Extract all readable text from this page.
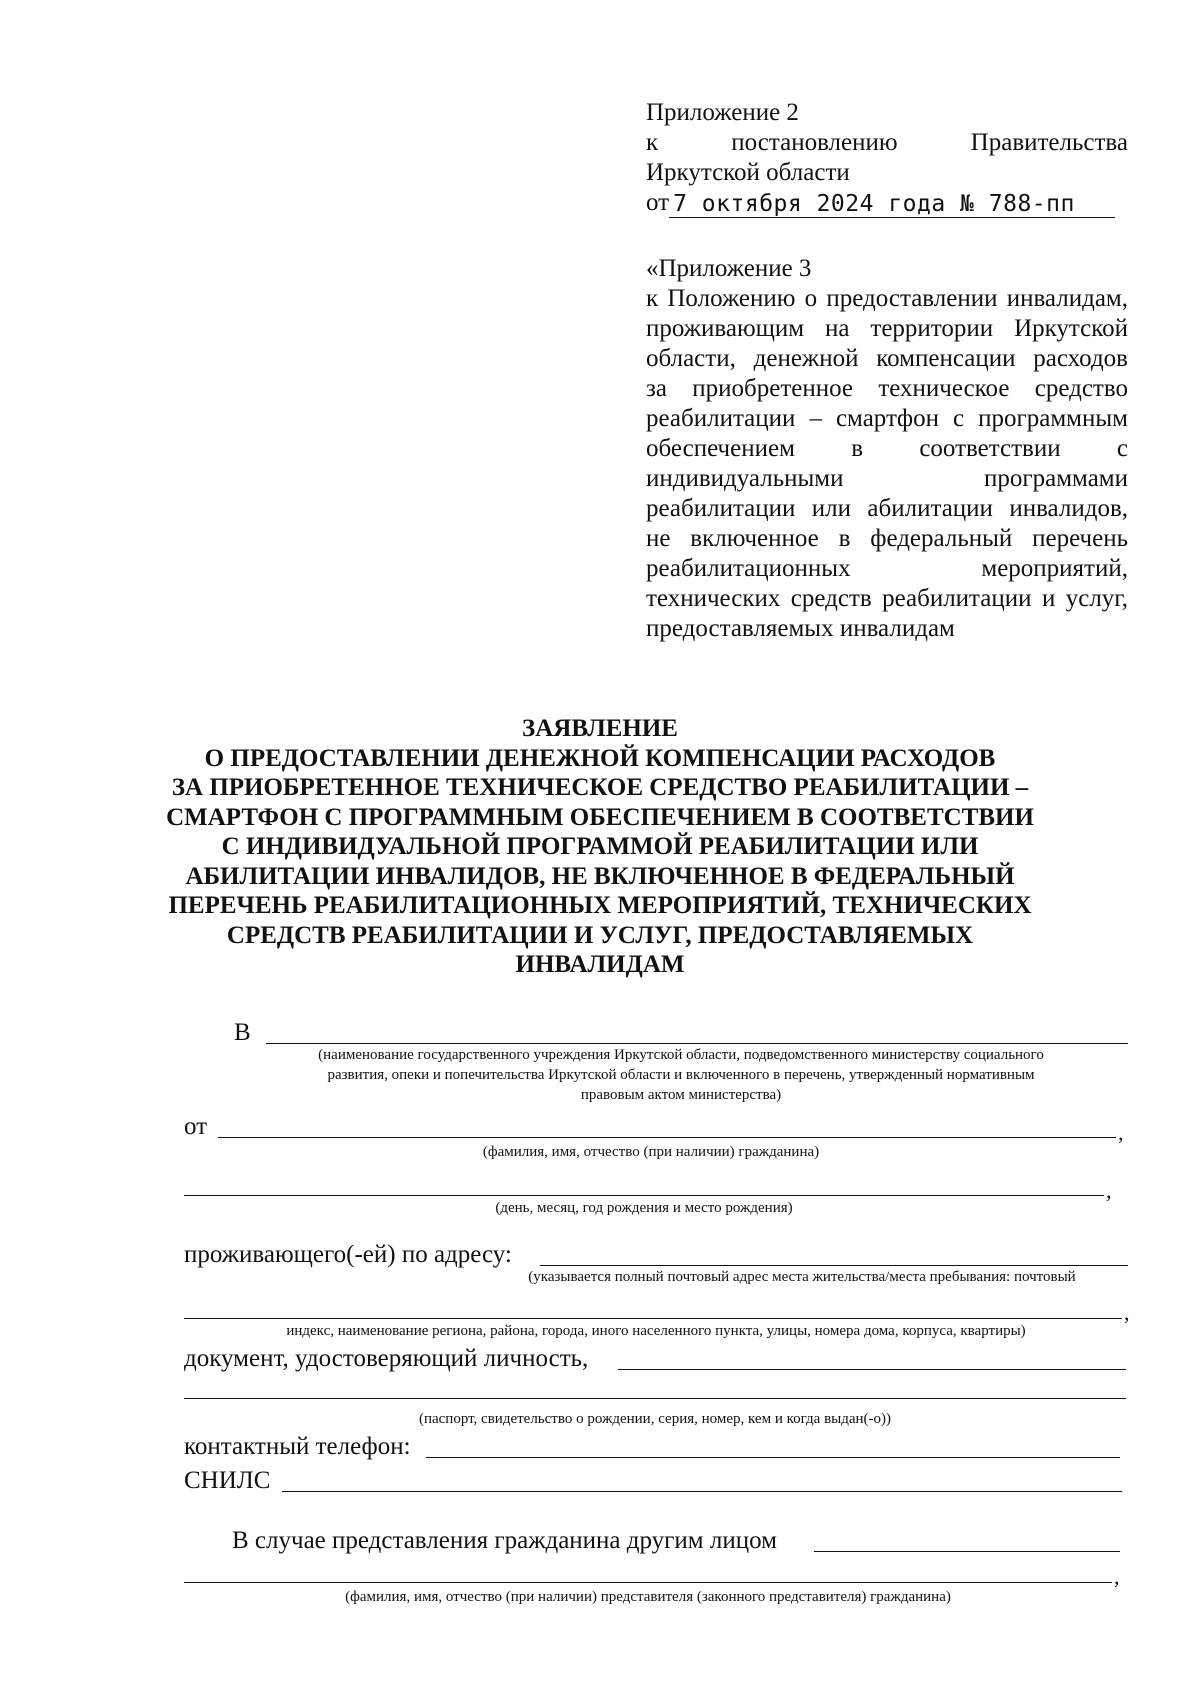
Приложение 2
к	постановлению	Правительства
Иркутской области
от 7 октября 2024 года № 788-пп
«Приложение 3
к Положению о предоставлении инвалидам,
проживающим на территории Иркутской
области, денежной компенсации расходов
за приобретенное техническое средство
реабилитации – смартфон с программным
обеспечением в соответствии с
индивидуальными программами
реабилитации или абилитации инвалидов,
не включенное в федеральный перечень
реабилитационных мероприятий,
технических средств реабилитации и услуг,
предоставляемых инвалидам
ЗАЯВЛЕНИЕ
О ПРЕДОСТАВЛЕНИИ ДЕНЕЖНОЙ КОМПЕНСАЦИИ РАСХОДОВ
ЗА ПРИОБРЕТЕННОЕ ТЕХНИЧЕСКОЕ СРЕДСТВО РЕАБИЛИТАЦИИ –
СМАРТФОН С ПРОГРАММНЫМ ОБЕСПЕЧЕНИЕМ В СООТВЕТСТВИИ
С ИНДИВИДУАЛЬНОЙ ПРОГРАММОЙ РЕАБИЛИТАЦИИ ИЛИ
АБИЛИТАЦИИ ИНВАЛИДОВ, НЕ ВКЛЮЧЕННОЕ В ФЕДЕРАЛЬНЫЙ
ПЕРЕЧЕНЬ РЕАБИЛИТАЦИОННЫХ МЕРОПРИЯТИЙ, ТЕХНИЧЕСКИХ
СРЕДСТВ РЕАБИЛИТАЦИИ И УСЛУГ, ПРЕДОСТАВЛЯЕМЫХ
ИНВАЛИДАМ
В
(наименование государственного учреждения Иркутской области, подведомственного министерству социального
развития, опеки и попечительства Иркутской области и включенного в перечень, утвержденный нормативным
правовым актом министерства)
от	,
(фамилия, имя, отчество (при наличии) гражданина)
,
(день, месяц, год рождения и место рождения)
проживающего(-ей) по адресу:
(указывается полный почтовый адрес места жительства/места пребывания: почтовый
,
индекс, наименование региона, района, города, иного населенного пункта, улицы, номера дома, корпуса, квартиры)
документ, удостоверяющий личность,
(паспорт, свидетельство о рождении, серия, номер, кем и когда выдан(-о))
контактный телефон:
СНИЛС
В случае представления гражданина другим лицом
,
(фамилия, имя, отчество (при наличии) представителя (законного представителя) гражданина)
